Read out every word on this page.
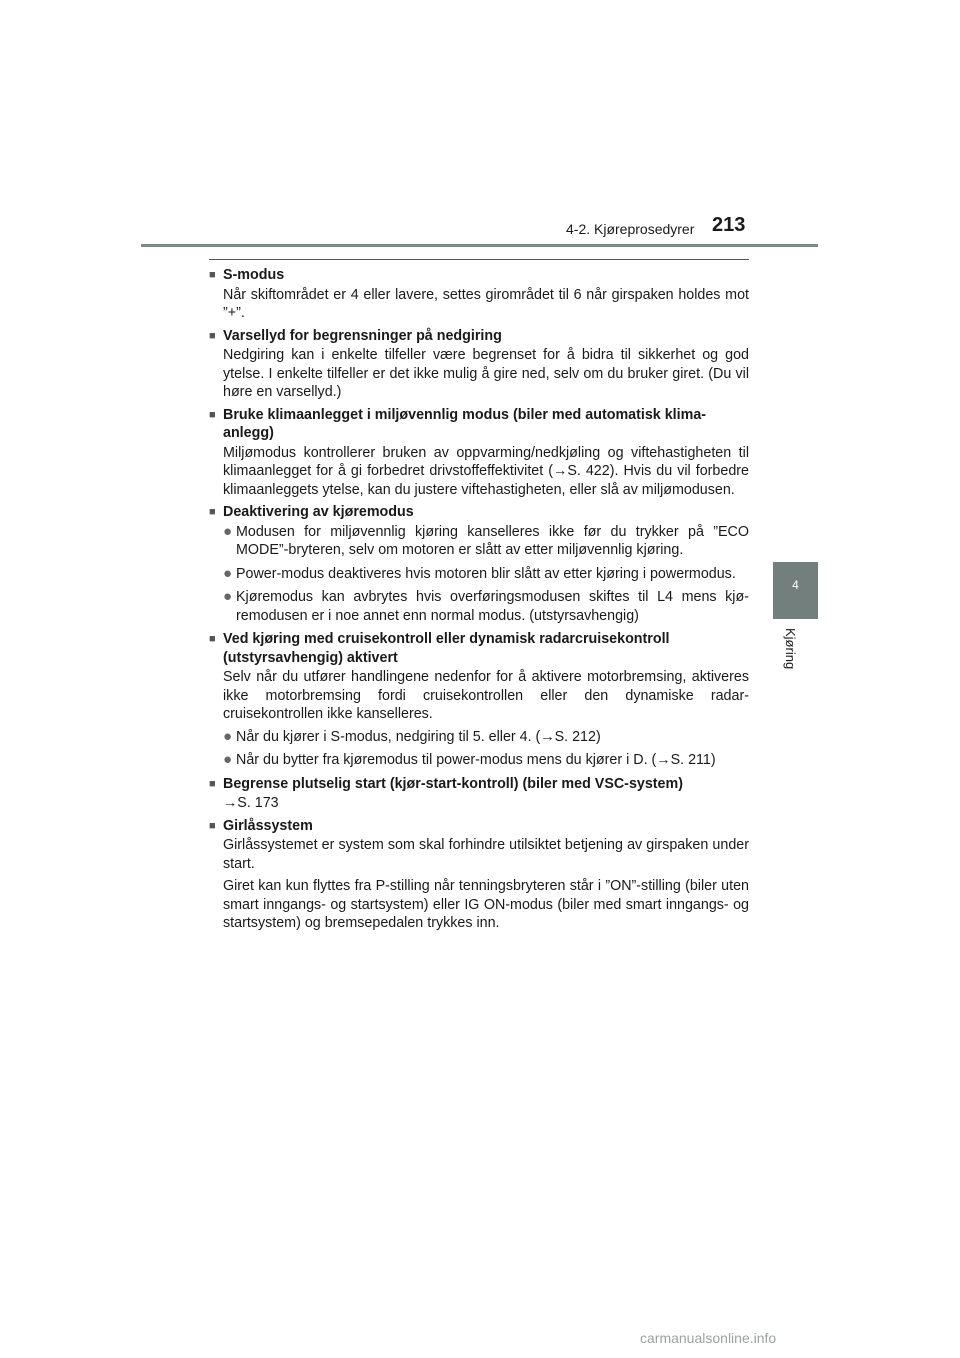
4-2. Kjøreprosedyrer 213
4
Kjøring
■ S-modus
Når skiftområdet er 4 eller lavere, settes girområdet til 6 når girspaken holdes mot ”+”.
■ Varsellyd for begrensninger på nedgiring
Nedgiring kan i enkelte tilfeller være begrenset for å bidra til sikkerhet og god ytelse. I enkelte tilfeller er det ikke mulig å gire ned, selv om du bruker giret. (Du vil høre en varsellyd.)
■ Bruke klimaanlegget i miljøvennlig modus (biler med automatisk klimaanlegg)
Miljømodus kontrollerer bruken av oppvarming/nedkjøling og viftehastigheten til klimaanlegget for å gi forbedret drivstoffeffektivitet (→S. 422). Hvis du vil forbedre klimaanleggets ytelse, kan du justere viftehastigheten, eller slå av miljømodusen.
■ Deaktivering av kjøremodus
● Modusen for miljøvennlig kjøring kanselleres ikke før du trykker på ”ECO MODE”-bryteren, selv om motoren er slått av etter miljøvennlig kjøring.
● Power-modus deaktiveres hvis motoren blir slått av etter kjøring i powermodus.
● Kjøremodus kan avbrytes hvis overføringsmodusen skiftes til L4 mens kjøremodusen er i noe annet enn normal modus. (utstyrsavhengig)
■ Ved kjøring med cruisekontroll eller dynamisk radarcruisekontroll (utstyrsavhengig) aktivert
Selv når du utfører handlingene nedenfor for å aktivere motorbremsing, aktiveres ikke motorbremsing fordi cruisekontrollen eller den dynamiske radarcruisekontrollen ikke kanselleres.
● Når du kjører i S-modus, nedgiring til 5. eller 4. (→S. 212)
● Når du bytter fra kjøremodus til power-modus mens du kjører i D. (→S. 211)
■ Begrense plutselig start (kjør-start-kontroll) (biler med VSC-system)
→S. 173
■ Girlåssystem
Girlåssystemet er system som skal forhindre utilsiktet betjening av girspaken under start.
Giret kan kun flyttes fra P-stilling når tenningsbryteren står i ”ON”-stilling (biler uten smart inngangs- og startsystem) eller IG ON-modus (biler med smart inngangs- og startsystem) og bremsepedalen trykkes inn.
carmanualsonline.info
